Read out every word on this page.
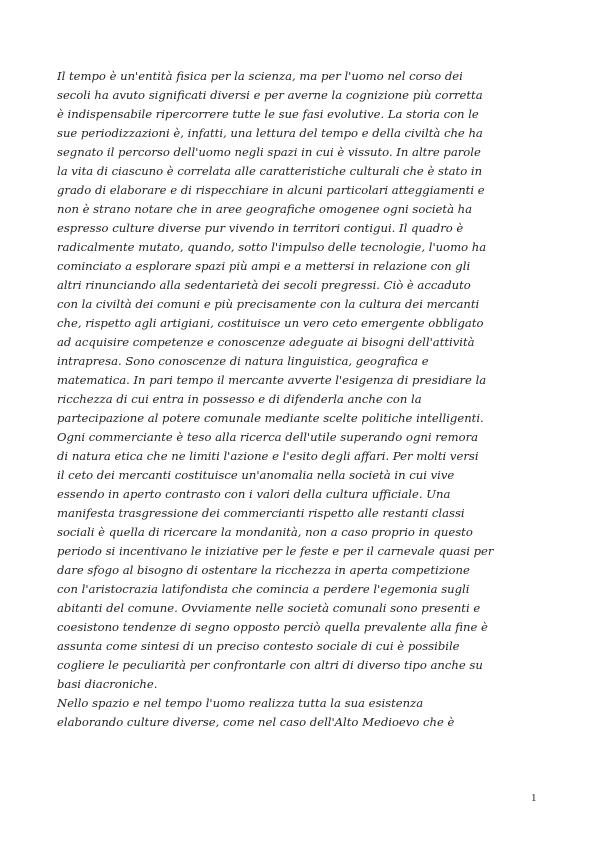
Il tempo è un'entità fisica per la scienza, ma per l'uomo nel corso dei
secoli ha avuto significati diversi e per averne la cognizione più corretta
è indispensabile ripercorrere tutte le sue fasi evolutive. La storia con le
sue periodizzazioni è, infatti, una lettura del tempo e della civiltà che ha
segnato il percorso dell'uomo negli spazi in cui è vissuto. In altre parole
la vita di ciascuno è correlata alle caratteristiche culturali che è stato in
grado di elaborare e di rispecchiare in alcuni particolari atteggiamenti e
non è strano notare che in aree geografiche omogenee ogni società ha
espresso culture diverse pur vivendo in territori contigui. Il quadro è
radicalmente mutato, quando, sotto l'impulso delle tecnologie, l'uomo ha
cominciato a esplorare spazi più ampi e a mettersi in relazione con gli
altri rinunciando alla sedentarietà dei secoli pregressi. Ciò è accaduto
con la civiltà dei comuni e più precisamente con la cultura dei mercanti
che, rispetto agli artigiani, costituisce un vero ceto emergente obbligato
ad acquisire competenze e conoscenze adeguate ai bisogni dell'attività
intrapresa. Sono conoscenze di natura linguistica, geografica e
matematica. In pari tempo il mercante avverte l'esigenza di presidiare la
ricchezza di cui entra in possesso e di difenderla anche con la
partecipazione al potere comunale mediante scelte politiche intelligenti.
Ogni commerciante è teso alla ricerca dell'utile superando ogni remora
di natura etica che ne limiti l'azione e l'esito degli affari. Per molti versi
il ceto dei mercanti costituisce un'anomalia nella società in cui vive
essendo in aperto contrasto con i valori della cultura ufficiale. Una
manifesta trasgressione dei commercianti rispetto alle restanti classi
sociali è quella di ricercare la mondanità, non a caso proprio in questo
periodo si incentivano le iniziative per le feste e per il carnevale quasi per
dare sfogo al bisogno di ostentare la ricchezza in aperta competizione
con l'aristocrazia latifondista che comincia a perdere l'egemonia sugli
abitanti del comune. Ovviamente nelle società comunali sono presenti e
coesistono tendenze di segno opposto perciò quella prevalente alla fine è
assunta come sintesi di un preciso contesto sociale di cui è possibile
cogliere le peculiarità per confrontarle con altri di diverso tipo anche su
basi diacroniche.
Nello spazio e nel tempo l'uomo realizza tutta la sua esistenza
elaborando culture diverse, come nel caso dell'Alto Medioevo che è
1
